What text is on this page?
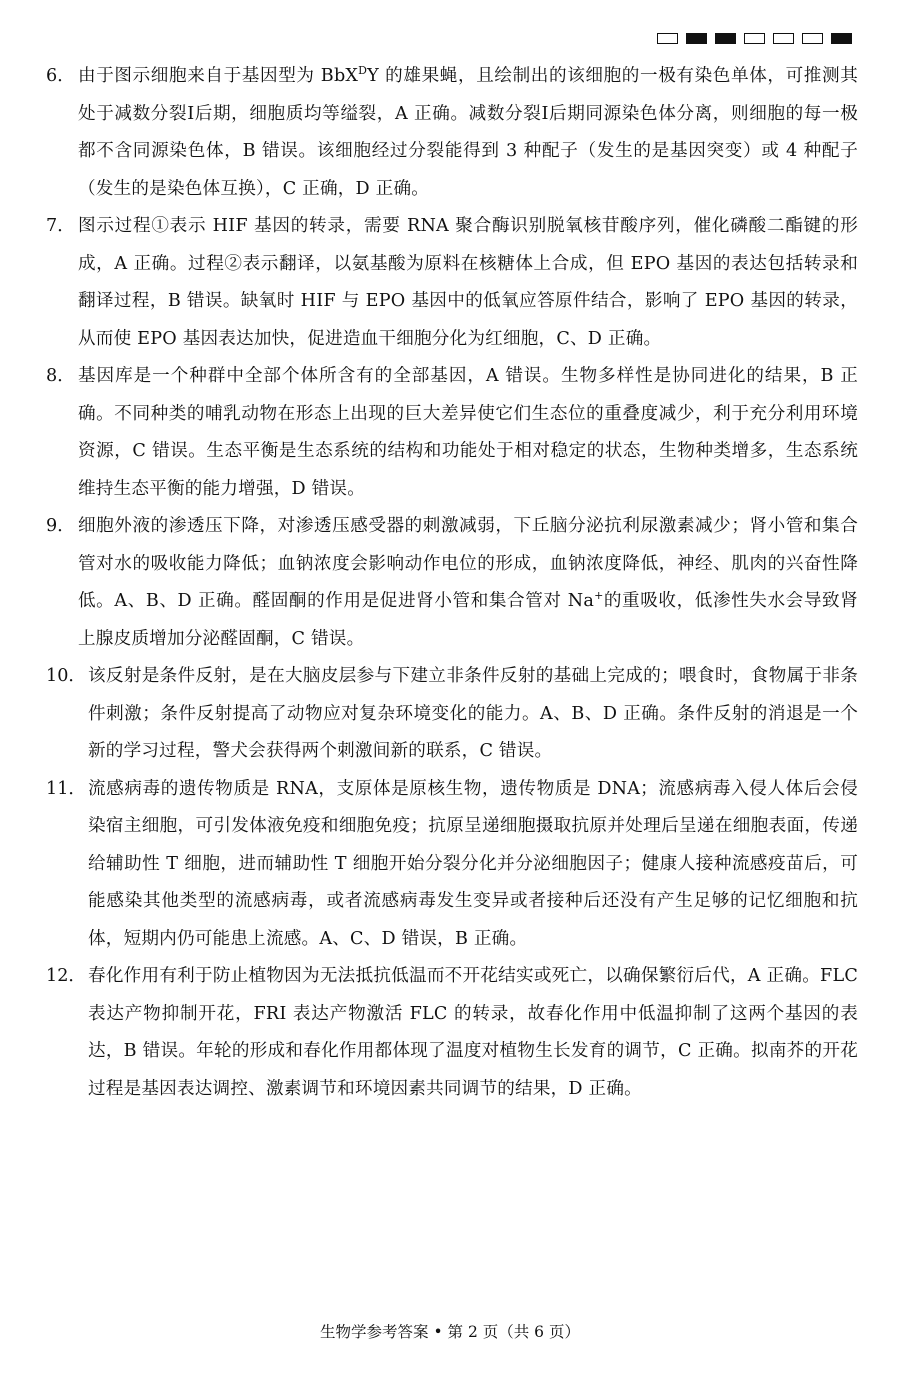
6． 由于图示细胞来自于基因型为 BbX$^D$Y 的雄果蝇，且绘制出的该细胞的一极有染色单体，可推测其处于减数分裂Ⅰ后期，细胞质均等缢裂，A 正确。减数分裂Ⅰ后期同源染色体分离，则细胞的每一极都不含同源染色体，B 错误。该细胞经过分裂能得到 3 种配子（发生的是基因突变）或 4 种配子（发生的是染色体互换），C 正确，D 正确。
7． 图示过程①表示 HIF 基因的转录，需要 RNA 聚合酶识别脱氧核苷酸序列，催化磷酸二酯键的形成，A 正确。过程②表示翻译，以氨基酸为原料在核糖体上合成，但 EPO 基因的表达包括转录和翻译过程，B 错误。缺氧时 HIF 与 EPO 基因中的低氧应答原件结合，影响了 EPO 基因的转录，从而使 EPO 基因表达加快，促进造血干细胞分化为红细胞，C、D 正确。
8． 基因库是一个种群中全部个体所含有的全部基因，A 错误。生物多样性是协同进化的结果，B 正确。不同种类的哺乳动物在形态上出现的巨大差异使它们生态位的重叠度减少，利于充分利用环境资源，C 错误。生态平衡是生态系统的结构和功能处于相对稳定的状态，生物种类增多，生态系统维持生态平衡的能力增强，D 错误。
9． 细胞外液的渗透压下降，对渗透压感受器的刺激减弱，下丘脑分泌抗利尿激素减少；肾小管和集合管对水的吸收能力降低；血钠浓度会影响动作电位的形成，血钠浓度降低，神经、肌肉的兴奋性降低。A、B、D 正确。醛固酮的作用是促进肾小管和集合管对 Na+的重吸收，低渗性失水会导致肾上腺皮质增加分泌醛固酮，C 错误。
10． 该反射是条件反射，是在大脑皮层参与下建立非条件反射的基础上完成的；喂食时，食物属于非条件刺激；条件反射提高了动物应对复杂环境变化的能力。A、B、D 正确。条件反射的消退是一个新的学习过程，警犬会获得两个刺激间新的联系，C 错误。
11． 流感病毒的遗传物质是 RNA，支原体是原核生物，遗传物质是 DNA；流感病毒入侵人体后会侵染宿主细胞，可引发体液免疫和细胞免疫；抗原呈递细胞摄取抗原并处理后呈递在细胞表面，传递给辅助性 T 细胞，进而辅助性 T 细胞开始分裂分化并分泌细胞因子；健康人接种流感疫苗后，可能感染其他类型的流感病毒，或者流感病毒发生变异或者接种后还没有产生足够的记忆细胞和抗体，短期内仍可能患上流感。A、C、D 错误，B 正确。
12． 春化作用有利于防止植物因为无法抵抗低温而不开花结实或死亡，以确保繁衍后代，A 正确。FLC 表达产物抑制开花，FRI 表达产物激活 FLC 的转录，故春化作用中低温抑制了这两个基因的表达，B 错误。年轮的形成和春化作用都体现了温度对植物生长发育的调节，C 正确。拟南芥的开花过程是基因表达调控、激素调节和环境因素共同调节的结果，D 正确。
生物学参考答案 • 第 2 页（共 6 页）
